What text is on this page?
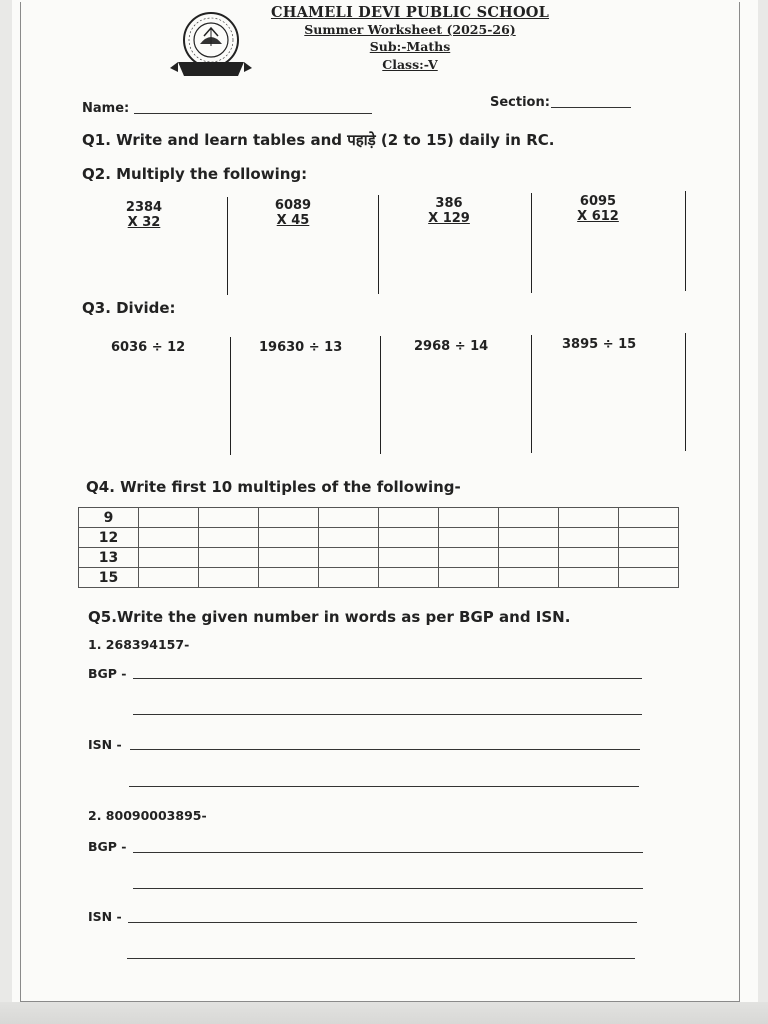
CHAMELI DEVI PUBLIC SCHOOL
Summer Worksheet (2025-26)
Sub:-Maths
Class:-V
Name:	Section:
Q1. Write and learn tables and पहाड़े (2 to 15) daily in RC.
Q2. Multiply the following:
2384
X 32
6089
X 45
386
X 129
6095
X 612
Q3. Divide:
6036 ÷ 12	19630 ÷ 13	2968 ÷ 14	3895 ÷ 15
Q4. Write first 10 multiples of the following-
9									
12									
13									
15									
Q5.Write the given number in words as per BGP and ISN.
1. 268394157-
BGP -
ISN -
2. 80090003895-
BGP -
ISN -
